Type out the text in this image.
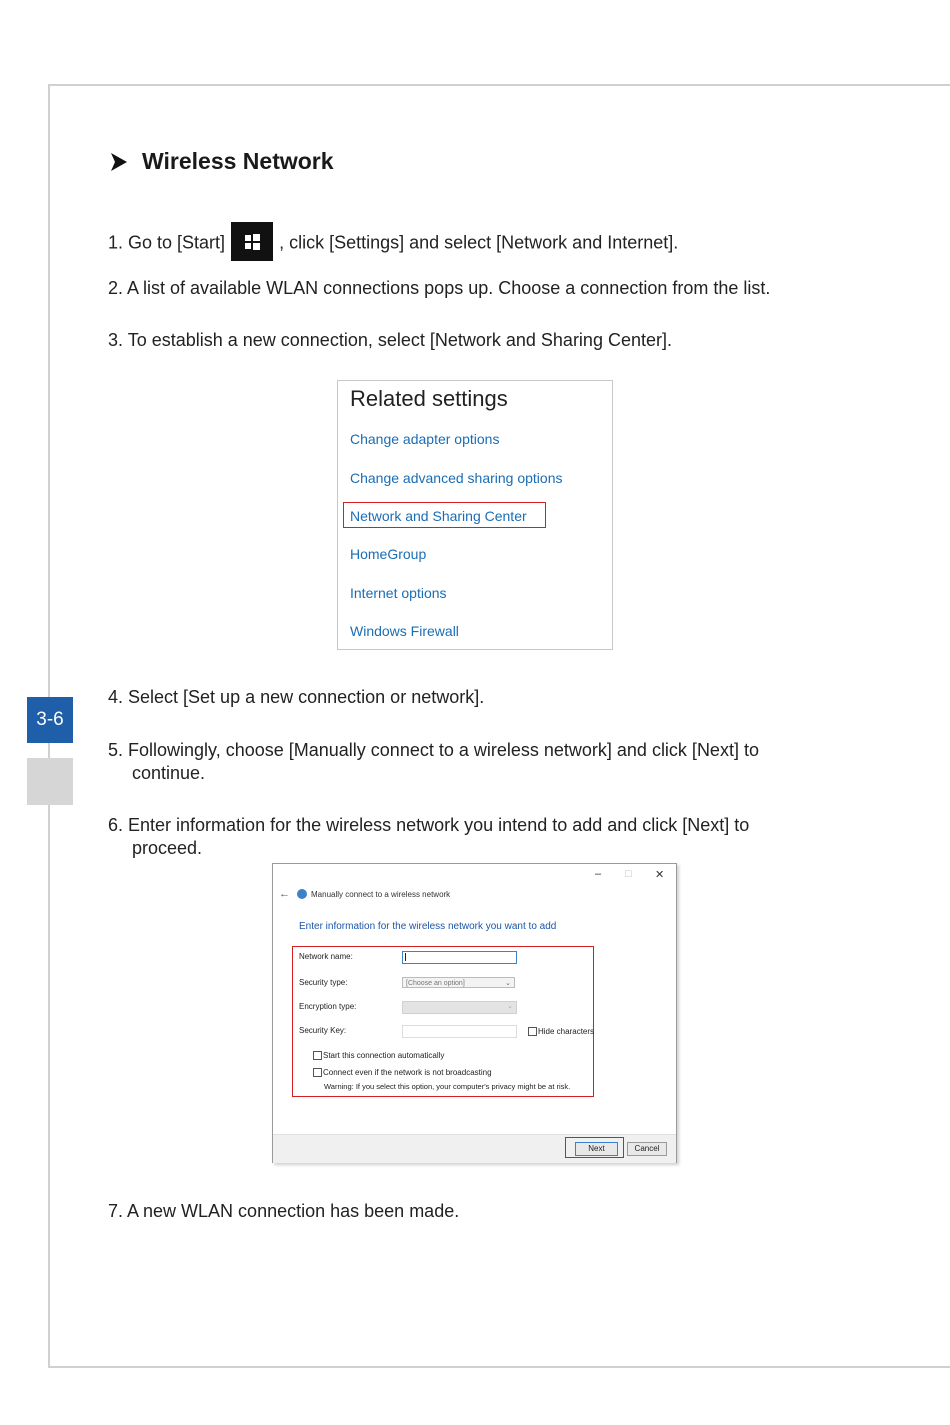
3-6
Wireless Network
1. Go to [Start]	, click [Settings] and select [Network and Internet].
2. A list of available WLAN connections pops up. Choose a connection from the list.
3. To establish a new connection, select [Network and Sharing Center].
Related settings
Change adapter options
Change advanced sharing options
Network and Sharing Center
HomeGroup
Internet options
Windows Firewall
4. Select [Set up a new connection or network].
5. Followingly, choose [Manually connect to a wireless network] and click [Next] to
continue.
6. Enter information for the wireless network you intend to add and click [Next] to
proceed.
– □ ✕
←	Manually connect to a wireless network
Enter information for the wireless network you want to add
Network name:
Security type:	[Choose an option]	⌄
Encryption type:	⌄
Security Key:	Hide characters
Start this connection automatically
Connect even if the network is not broadcasting
Warning: If you select this option, your computer's privacy might be at risk.
Next	Cancel
7. A new WLAN connection has been made.
